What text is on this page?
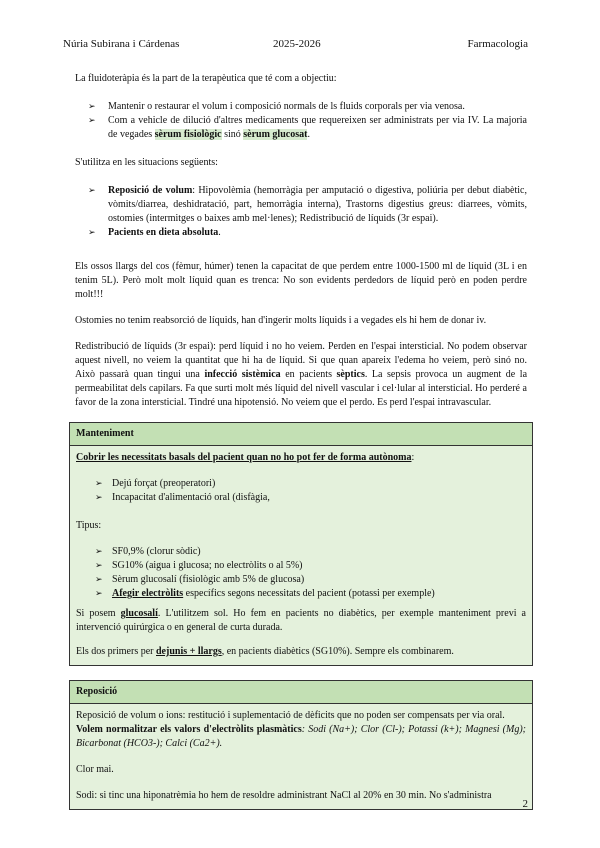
Núria Subirana i Cárdenas	2025-2026	Farmacologia

La fluidoteràpia és la part de la terapèutica que té com a objectiu:

➢ Mantenir o restaurar el volum i composició normals de ls fluids corporals per via venosa.
➢ Com a vehicle de dilució d'altres medicaments que requereixen ser administrats per via IV. La majoria de vegades sèrum fisiològic sinó sèrum glucosat.

S'utilitza en les situacions següents:

➢ Reposició de volum: Hipovolèmia (hemorràgia per amputació o digestiva, poliúria per debut diabètic, vòmits/diarrea, deshidratació, part, hemorràgia interna), Trastorns digestius greus: diarrees, vòmits, ostomies (intermitges o baixes amb mel·lenes); Redistribució de líquids (3r espai).
➢ Pacients en dieta absoluta.

Els ossos llargs del cos (fèmur, húmer) tenen la capacitat de que perdem entre 1000-1500 ml de líquid (3L i en tenim 5L). Però molt molt líquid quan es trenca: No son evidents perdedors de líquid però en poden perdre molt!!!

Ostomies no tenim reabsorció de líquids, han d'ingerir molts líquids i a vegades els hi hem de donar iv.

Redistribució de líquids (3r espai): perd líquid i no ho veiem. Perden en l'espai intersticial. No podem observar aquest nivell, no veiem la quantitat que hi ha de líquid. Si que quan apareix l'edema ho veiem, però sinó no. Això passarà quan tingui una infecció sistèmica en pacients sèptics. La sepsis provoca un augment de la permeabilitat dels capilars. Fa que surti molt més líquid del nivell vascular i cel·lular al intersticial. Ho perderé a favor de la zona intersticial. Tindré una hipotensió. No veiem que el perdo. Es perd l'espai intravascular.

Manteniment

Cobrir les necessitats basals del pacient quan no ho pot fer de forma autònoma:

➢ Dejú forçat (preoperatori)
➢ Incapacitat d'alimentació oral (disfàgia,

Tipus:

➢ SF0,9% (clorur sòdic)
➢ SG10% (aigua i glucosa; no electròlits o al 5%)
➢ Sèrum glucosalí (fisiològic amb 5% de glucosa)
➢ Afegir electròlits específics segons necessitats del pacient (potassi per exemple)

Si posem glucosalí. L'utilitzem sol. Ho fem en pacients no diabètics, per exemple manteniment previ a intervenció quirúrgica o en general de curta durada.

Els dos primers per dejunis + llargs, en pacients diabètics (SG10%). Sempre els combinarem.

Reposició

Reposició de volum o ions: restitució i suplementació de dèficits que no poden ser compensats per via oral.

Volem normalitzar els valors d'electròlits plasmàtics: Sodi (Na+); Clor (Cl-); Potassi (k+); Magnesi (Mg); Bicarbonat (HCO3-); Calci (Ca2+).

Clor mai.

Sodi: si tinc una hiponatrèmia ho hem de resoldre administrant NaCl al 20% en 30 min. No s'administra

2
